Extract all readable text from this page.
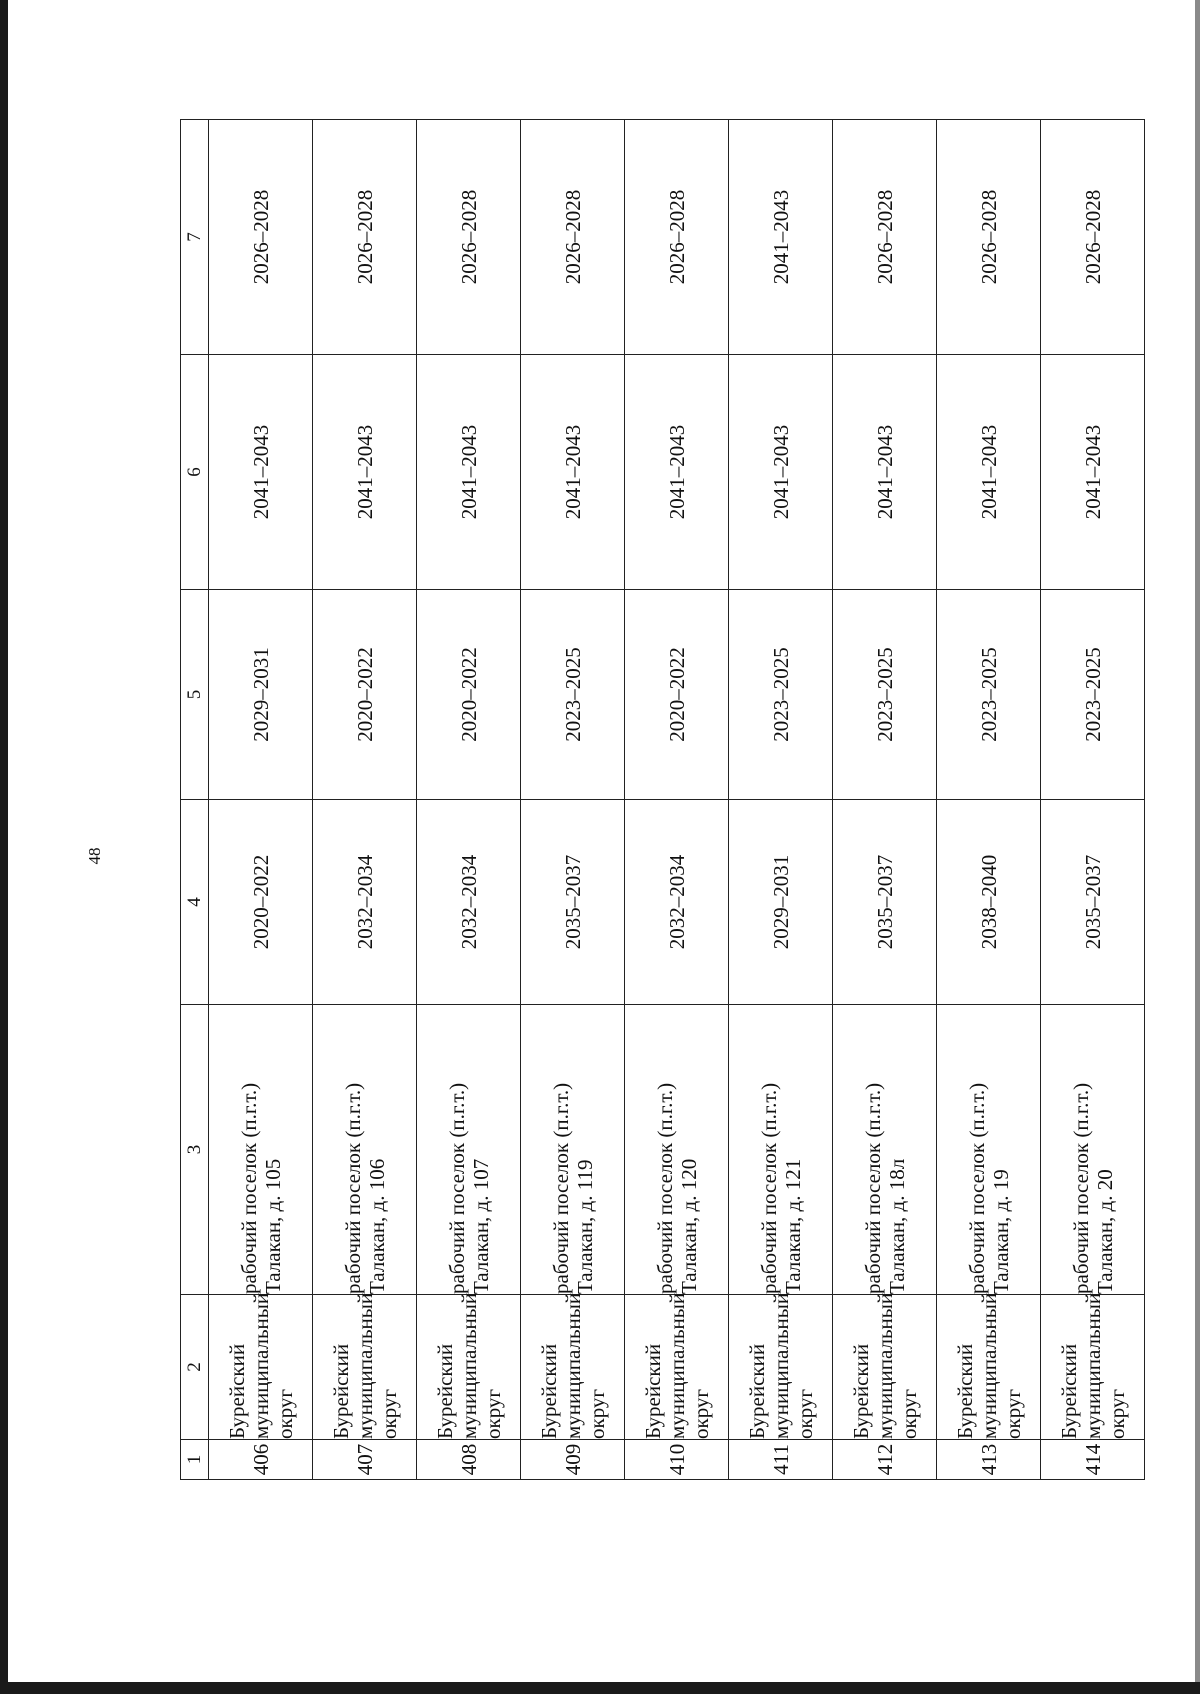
48
1	2	3	4	5	6	7
406	Бурейский муниципальный округ	рабочий поселок (п.г.т.) Талакан, д. 105	2020–2022	2029–2031	2041–2043	2026–2028
407	Бурейский муниципальный округ	рабочий поселок (п.г.т.) Талакан, д. 106	2032–2034	2020–2022	2041–2043	2026–2028
408	Бурейский муниципальный округ	рабочий поселок (п.г.т.) Талакан, д. 107	2032–2034	2020–2022	2041–2043	2026–2028
409	Бурейский муниципальный округ	рабочий поселок (п.г.т.) Талакан, д. 119	2035–2037	2023–2025	2041–2043	2026–2028
410	Бурейский муниципальный округ	рабочий поселок (п.г.т.) Талакан, д. 120	2032–2034	2020–2022	2041–2043	2026–2028
411	Бурейский муниципальный округ	рабочий поселок (п.г.т.) Талакан, д. 121	2029–2031	2023–2025	2041–2043	2041–2043
412	Бурейский муниципальный округ	рабочий поселок (п.г.т.) Талакан, д. 18л	2035–2037	2023–2025	2041–2043	2026–2028
413	Бурейский муниципальный округ	рабочий поселок (п.г.т.) Талакан, д. 19	2038–2040	2023–2025	2041–2043	2026–2028
414	Бурейский муниципальный округ	рабочий поселок (п.г.т.) Талакан, д. 20	2035–2037	2023–2025	2041–2043	2026–2028
